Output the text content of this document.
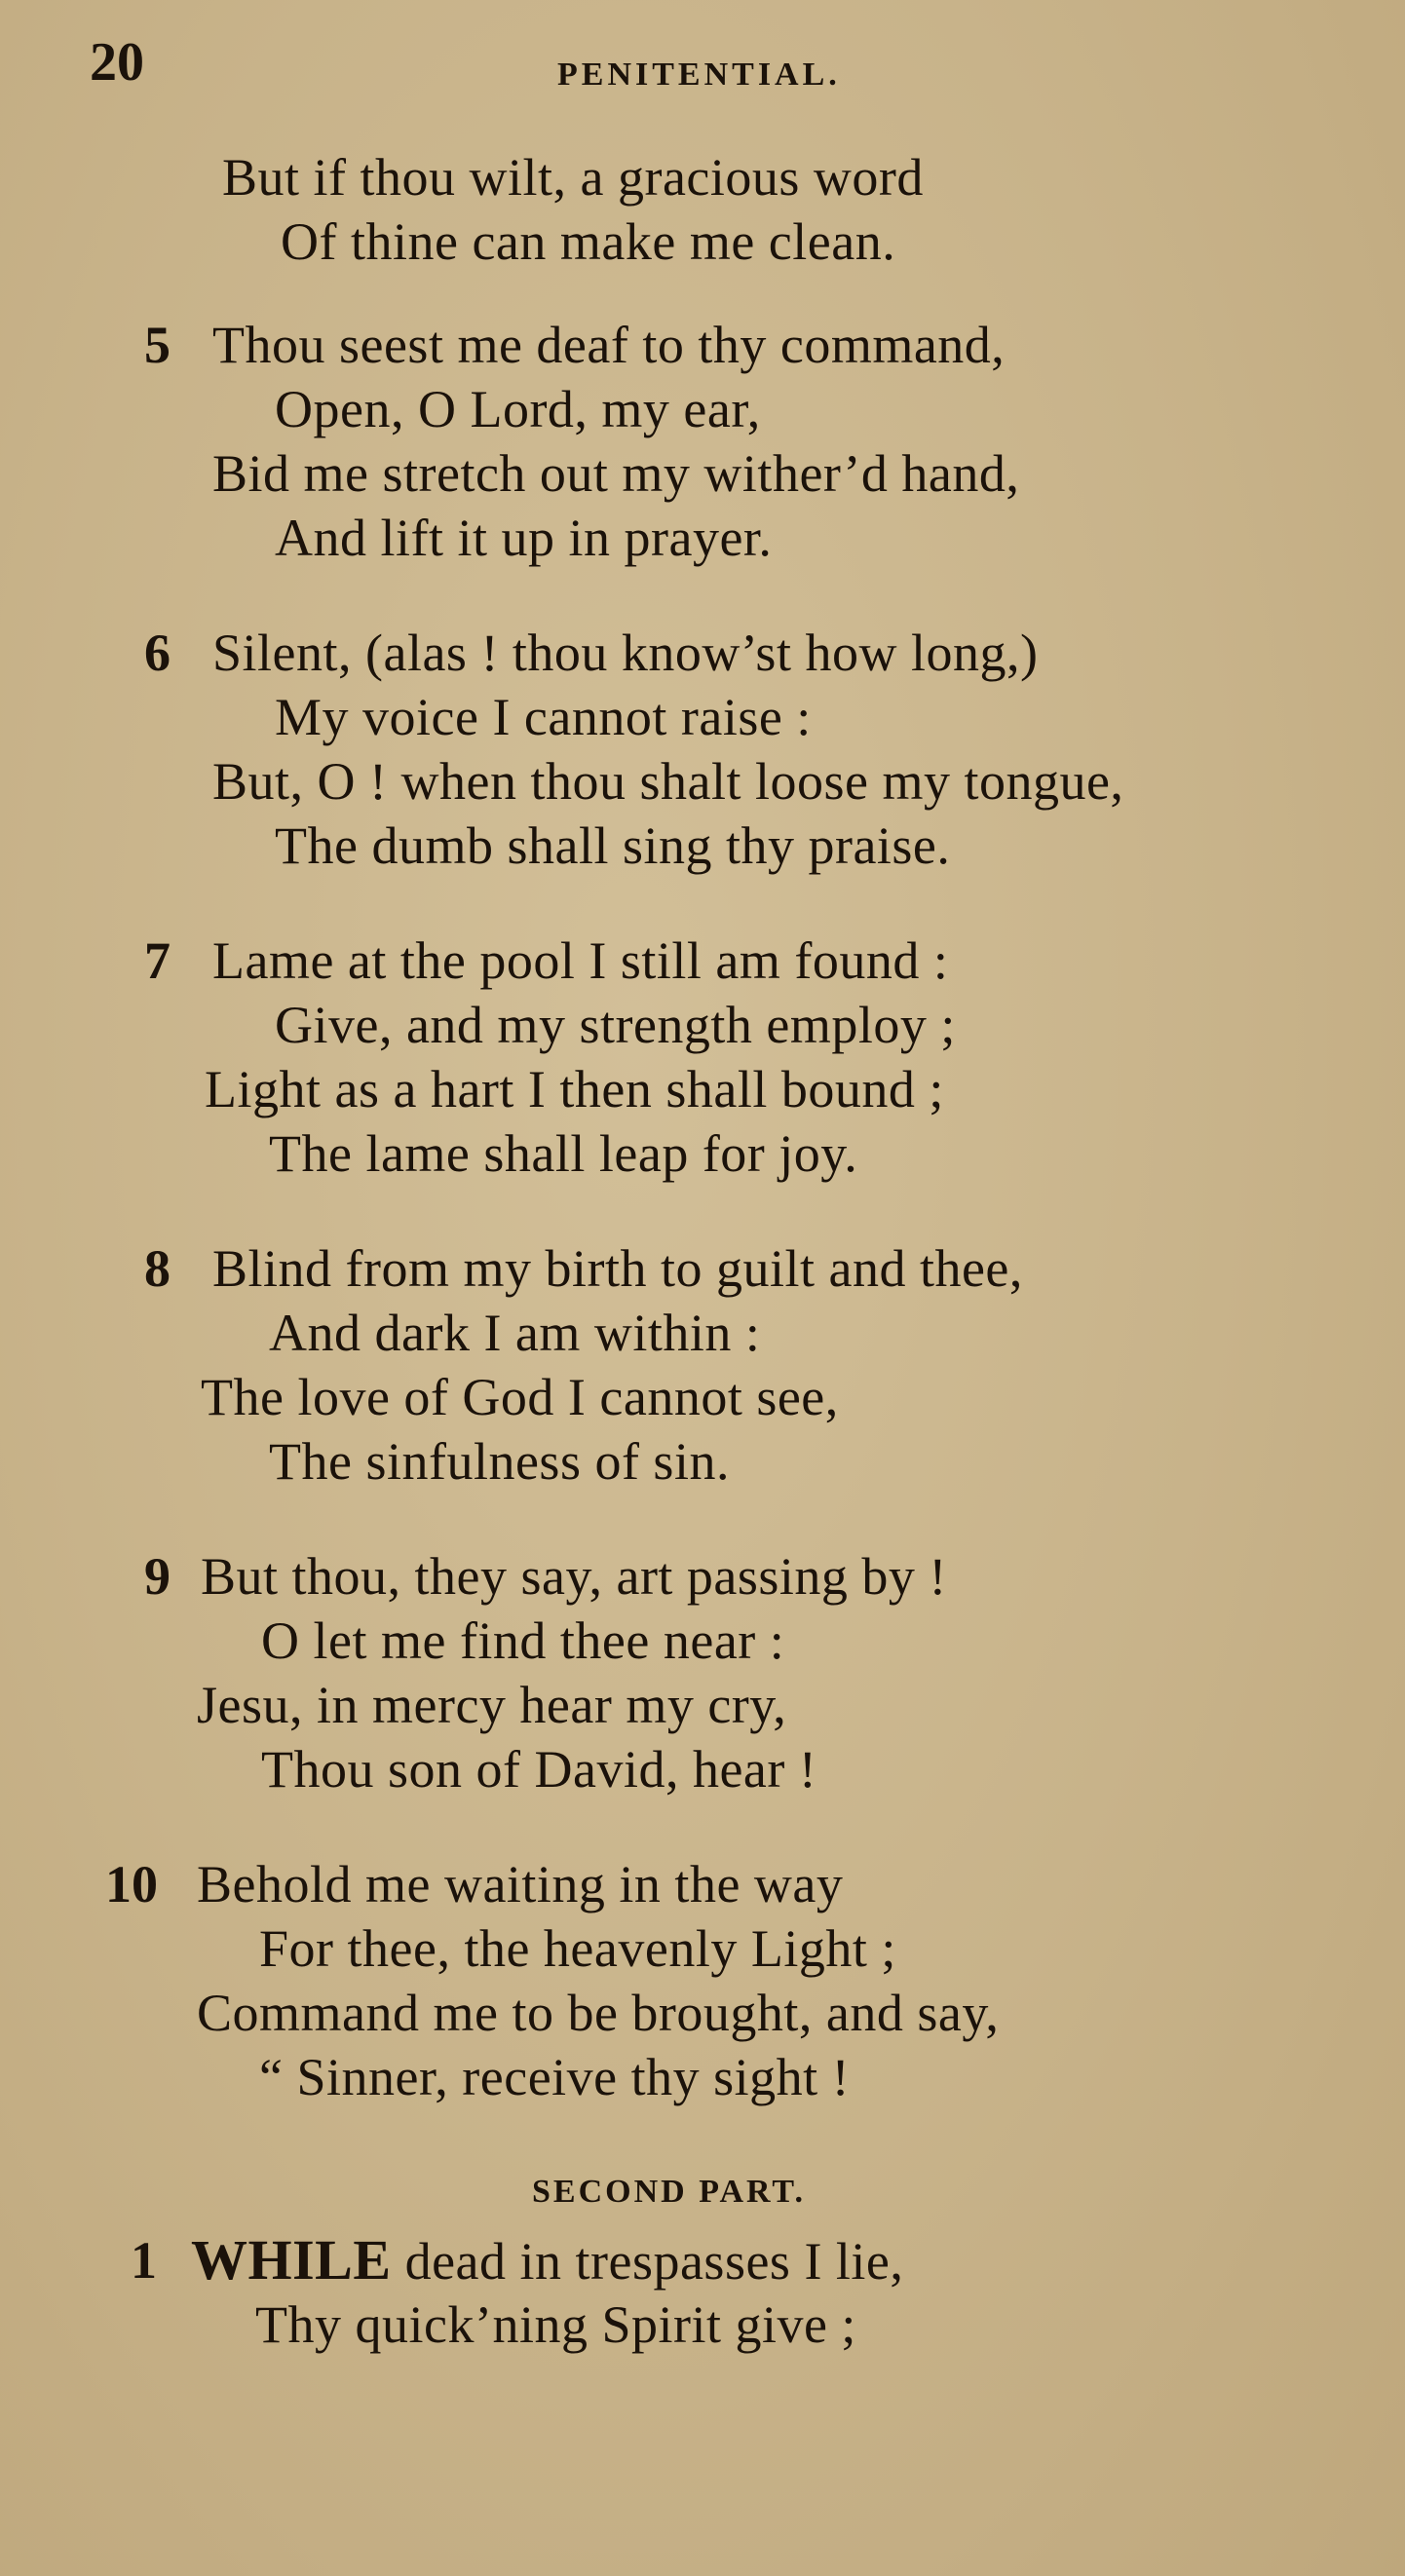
20	PENITENTIAL.
But if thou wilt, a gracious word
Of thine can make me clean.
5 Thou seest me deaf to thy command,
Open, O Lord, my ear,
Bid me stretch out my wither’d hand,
And lift it up in prayer.
6 Silent, (alas ! thou know’st how long,)
My voice I cannot raise :
But, O ! when thou shalt loose my tongue,
The dumb shall sing thy praise.
7 Lame at the pool I still am found :
Give, and my strength employ ;
Light as a hart I then shall bound ;
The lame shall leap for joy.
8 Blind from my birth to guilt and thee,
And dark I am within :
The love of God I cannot see,
The sinfulness of sin.
9 But thou, they say, art passing by !
O let me find thee near :
Jesu, in mercy hear my cry,
Thou son of David, hear !
10 Behold me waiting in the way
For thee, the heavenly Light ;
Command me to be brought, and say,
“ Sinner, receive thy sight !
SECOND PART.
1 WHILE dead in trespasses I lie,
Thy quick’ning Spirit give ;
